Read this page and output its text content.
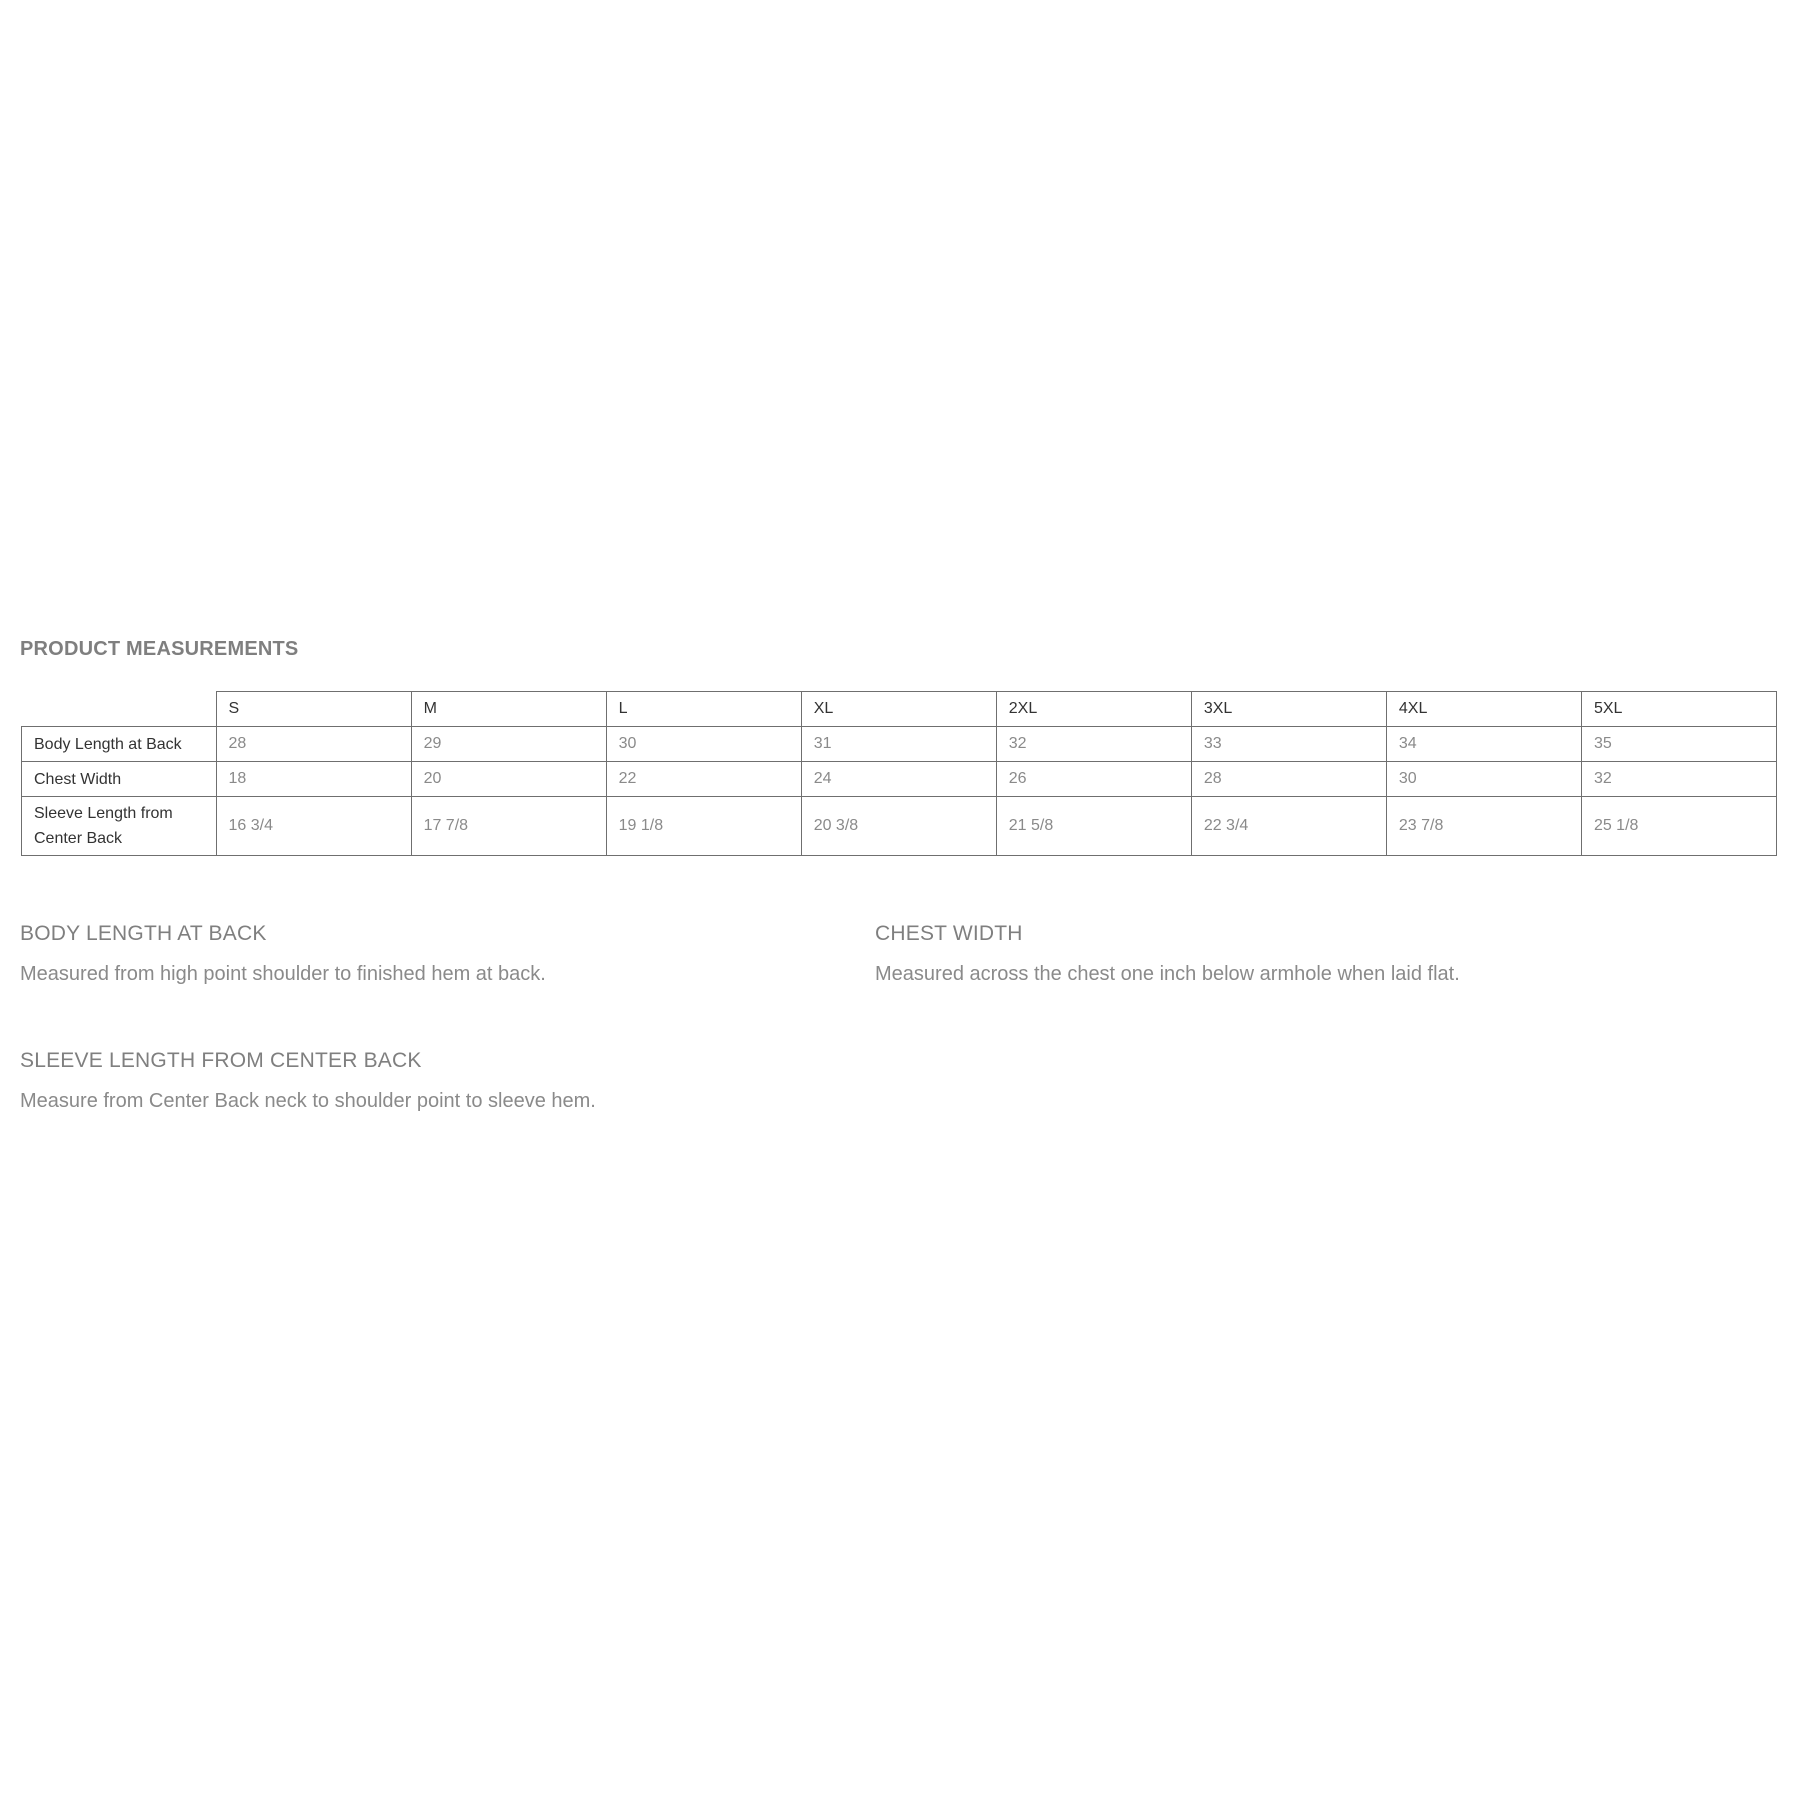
PRODUCT MEASUREMENTS
	S	M	L	XL	2XL	3XL	4XL	5XL
Body Length at Back	28	29	30	31	32	33	34	35
Chest Width	18	20	22	24	26	28	30	32
Sleeve Length from Center Back	16 3/4	17 7/8	19 1/8	20 3/8	21 5/8	22 3/4	23 7/8	25 1/8
BODY LENGTH AT BACK

Measured from high point shoulder to finished hem at back.

CHEST WIDTH

Measured across the chest one inch below armhole when laid flat.

SLEEVE LENGTH FROM CENTER BACK

Measure from Center Back neck to shoulder point to sleeve hem.
